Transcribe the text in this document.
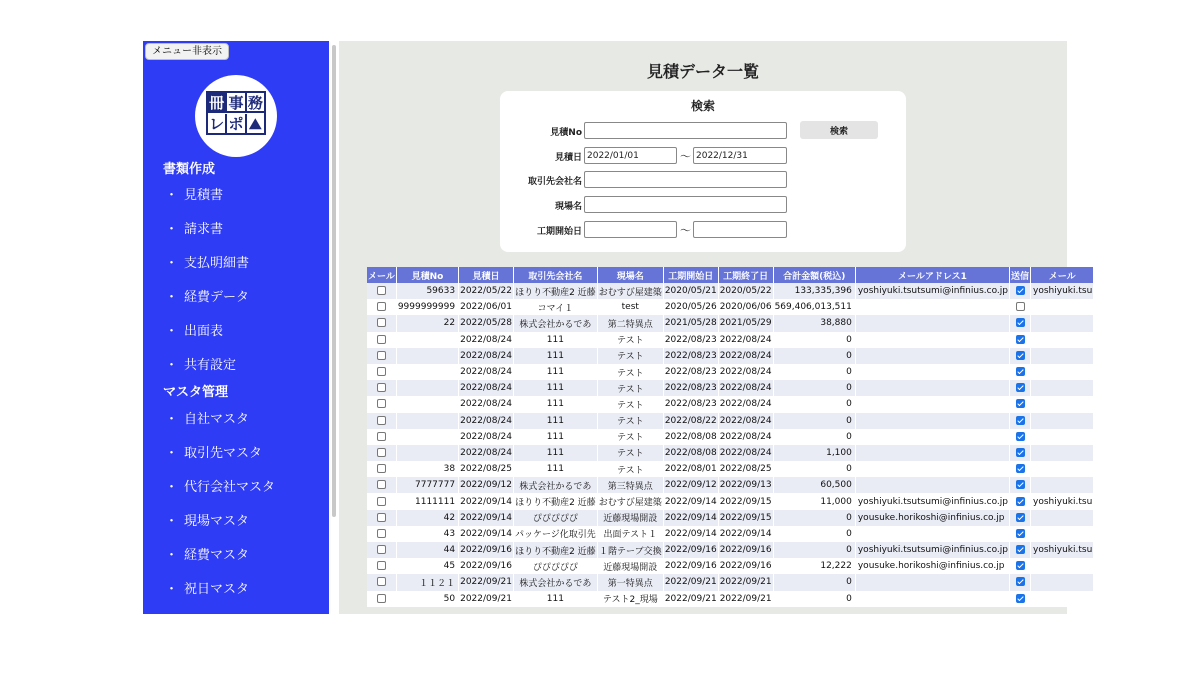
メニュー非表示
冊 事 務
レ ポ ⛰
書類作成
・ 見積書
・ 請求書
・ 支払明細書
・ 経費データ
・ 出面表
・ 共有設定
マスタ管理
・ 自社マスタ
・ 取引先マスタ
・ 代行会社マスタ
・ 現場マスタ
・ 経費マスタ
・ 祝日マスタ
見積データ一覧
検索
見積No	検索
見積日
2022/01/01	〜
2022/12/31
取引先会社名
現場名
工期開始日	〜
メール	見積No	見積日	取引先会社名	現場名	工期開始日	工期終了日	合計金額(税込)	メールアドレス1	送信	メール
	59633	2022/05/22	ほりり不動産2 近藤	おむすび屋建築	2020/05/21	2020/05/22	133,335,396	yoshiyuki.tsutsumi@infinius.co.jp		yoshiyuki.tsu
	9999999999	2022/06/01	コマイ１	test	2020/05/26	2020/06/06	569,406,013,511			
	22	2022/05/28	株式会社かるであ	第二特異点	2021/05/28	2021/05/29	38,880			
		2022/08/24	111	テスト	2022/08/23	2022/08/24	0			
		2022/08/24	111	テスト	2022/08/23	2022/08/24	0			
		2022/08/24	111	テスト	2022/08/23	2022/08/24	0			
		2022/08/24	111	テスト	2022/08/23	2022/08/24	0			
		2022/08/24	111	テスト	2022/08/23	2022/08/24	0			
		2022/08/24	111	テスト	2022/08/22	2022/08/24	0			
		2022/08/24	111	テスト	2022/08/08	2022/08/24	0			
		2022/08/24	111	テスト	2022/08/08	2022/08/24	1,100			
	38	2022/08/25	111	テスト	2022/08/01	2022/08/25	0			
	7777777	2022/09/12	株式会社かるであ	第三特異点	2022/09/12	2022/09/13	60,500			
	1111111	2022/09/14	ほりり不動産2 近藤	おむすび屋建築	2022/09/14	2022/09/15	11,000	yoshiyuki.tsutsumi@infinius.co.jp		yoshiyuki.tsu
	42	2022/09/14	ぴぴぴぴぴ	近藤現場開設	2022/09/14	2022/09/15	0	yousuke.horikoshi@infinius.co.jp		
	43	2022/09/14	パッケージ化取引先	出面テスト１	2022/09/14	2022/09/14	0			
	44	2022/09/16	ほりり不動産2 近藤	１階テーブ交換	2022/09/16	2022/09/16	0	yoshiyuki.tsutsumi@infinius.co.jp		yoshiyuki.tsu
	45	2022/09/16	ぴぴぴぴぴ	近藤現場開設	2022/09/16	2022/09/16	12,222	yousuke.horikoshi@infinius.co.jp		
	１１２１	2022/09/21	株式会社かるであ	第一特異点	2022/09/21	2022/09/21	0			
	50	2022/09/21	111	テスト2_現場	2022/09/21	2022/09/21	0			
